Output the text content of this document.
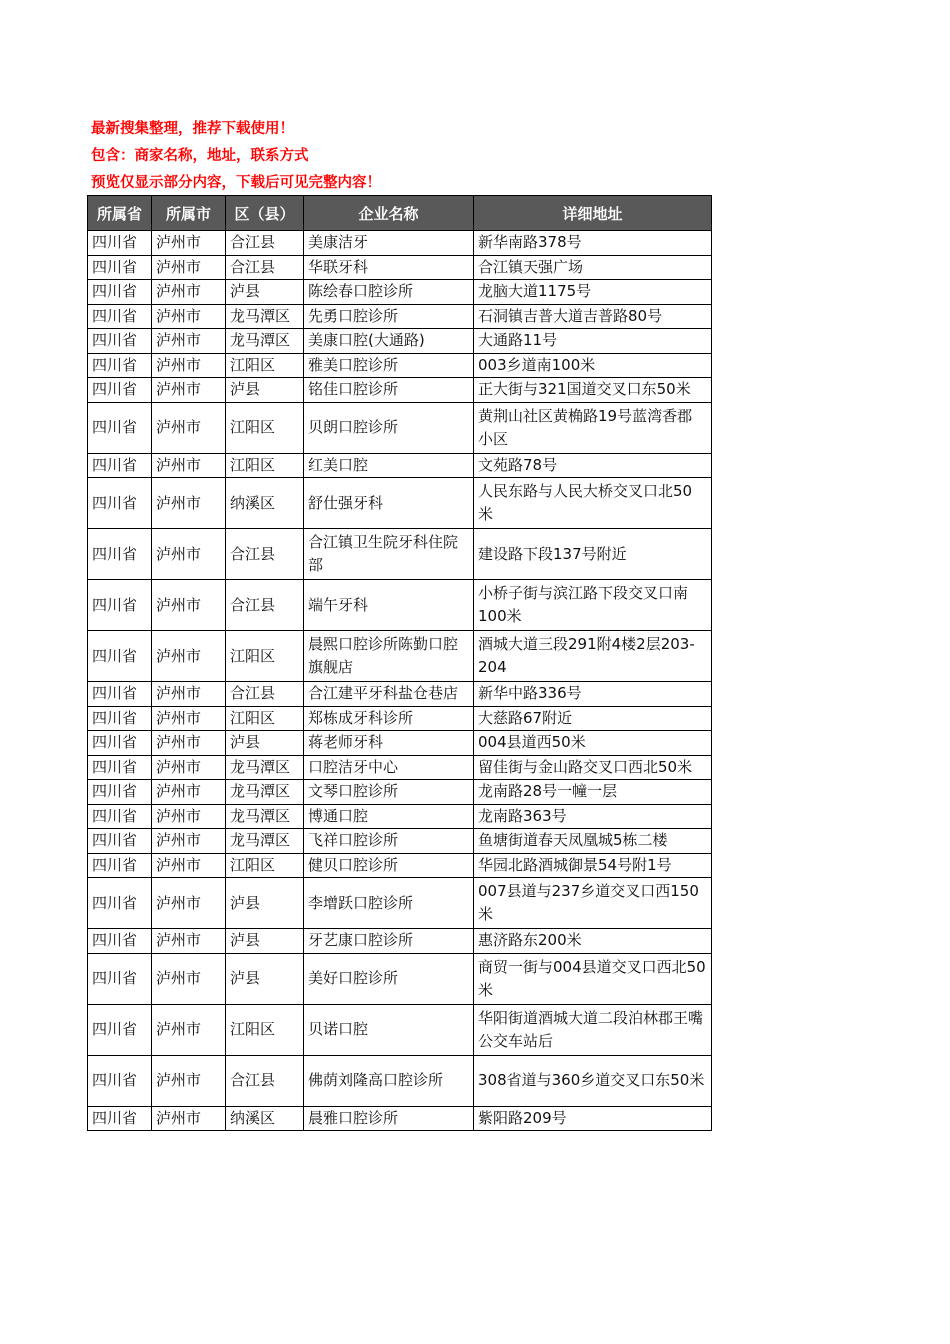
最新搜集整理，推荐下载使用！
包含：商家名称，地址，联系方式
预览仅显示部分内容，下载后可见完整内容！
所属省	所属市	区（县）	企业名称	详细地址
四川省	泸州市	合江县	美康洁牙	新华南路378号
四川省	泸州市	合江县	华联牙科	合江镇天强广场
四川省	泸州市	泸县	陈绘春口腔诊所	龙脑大道1175号
四川省	泸州市	龙马潭区	先勇口腔诊所	石洞镇吉普大道吉普路80号
四川省	泸州市	龙马潭区	美康口腔(大通路)	大通路11号
四川省	泸州市	江阳区	雅美口腔诊所	003乡道南100米
四川省	泸州市	泸县	铭佳口腔诊所	正大街与321国道交叉口东50米
四川省	泸州市	江阳区	贝朗口腔诊所	黄荆山社区黄桷路19号蓝湾香郡小区
四川省	泸州市	江阳区	红美口腔	文苑路78号
四川省	泸州市	纳溪区	舒仕强牙科	人民东路与人民大桥交叉口北50米
四川省	泸州市	合江县	合江镇卫生院牙科住院部	建设路下段137号附近
四川省	泸州市	合江县	端午牙科	小桥子街与滨江路下段交叉口南100米
四川省	泸州市	江阳区	晨熙口腔诊所陈勤口腔旗舰店	酒城大道三段291附4楼2层203-204
四川省	泸州市	合江县	合江建平牙科盐仓巷店	新华中路336号
四川省	泸州市	江阳区	郑栋成牙科诊所	大慈路67附近
四川省	泸州市	泸县	蒋老师牙科	004县道西50米
四川省	泸州市	龙马潭区	口腔洁牙中心	留佳街与金山路交叉口西北50米
四川省	泸州市	龙马潭区	文琴口腔诊所	龙南路28号一幢一层
四川省	泸州市	龙马潭区	博通口腔	龙南路363号
四川省	泸州市	龙马潭区	飞祥口腔诊所	鱼塘街道春天凤凰城5栋二楼
四川省	泸州市	江阳区	健贝口腔诊所	华园北路酒城御景54号附1号
四川省	泸州市	泸县	李增跃口腔诊所	007县道与237乡道交叉口西150米
四川省	泸州市	泸县	牙艺康口腔诊所	惠济路东200米
四川省	泸州市	泸县	美好口腔诊所	商贸一街与004县道交叉口西北50米
四川省	泸州市	江阳区	贝诺口腔	华阳街道酒城大道二段泊林郡王嘴公交车站后
四川省	泸州市	合江县	佛荫刘隆高口腔诊所	308省道与360乡道交叉口东50米
四川省	泸州市	纳溪区	晨雅口腔诊所	紫阳路209号
